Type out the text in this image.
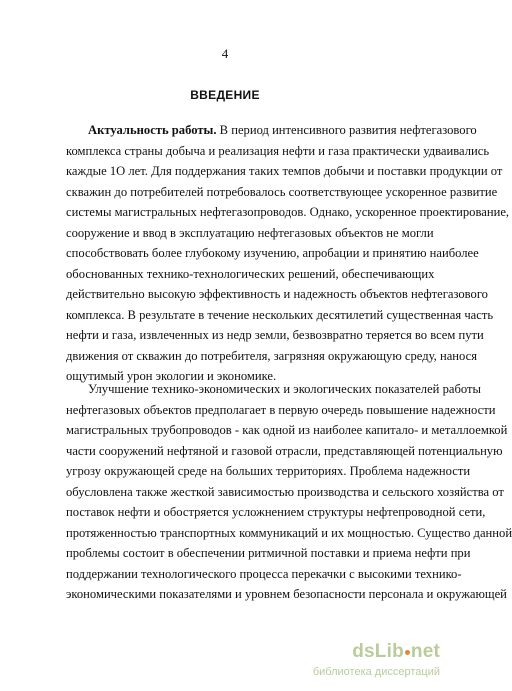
4
ВВЕДЕНИЕ
Актуальность работы. В период интенсивного развития нефтегазового
комплекса страны добыча и реализация нефти и газа практически удваивались
каждые 1О лет. Для поддержания таких темпов добычи и поставки продукции от
скважин до потребителей потребовалось соответствующее ускоренное развитие
системы магистральных нефтегазопроводов. Однако, ускоренное проектирование,
сооружение и ввод в эксплуатацию нефтегазовых объектов не могли
способствовать более глубокому изучению, апробации и принятию наиболее
обоснованных технико-технологических решений, обеспечивающих
действительно высокую эффективность и надежность объектов нефтегазового
комплекса. В результате в течение нескольких десятилетий существенная часть
нефти и газа, извлеченных из недр земли, безвозвратно теряется во всем пути
движения от скважин до потребителя, загрязняя окружающую среду, нанося
ощутимый урон экологии и экономике.
Улучшение технико-экономических и экологических показателей работы
нефтегазовых объектов предполагает в первую очередь повышение надежности
магистральных трубопроводов - как одной из наиболее капитало- и металлоемкой
части сооружений нефтяной и газовой отрасли, представляющей потенциальную
угрозу окружающей среде на больших территориях. Проблема надежности
обусловлена также жесткой зависимостью производства и сельского хозяйства от
поставок нефти и обостряется усложнением структуры нефтепроводной сети,
протяженностью транспортных коммуникаций и их мощностью. Существо данной
проблемы состоит в обеспечении ритмичной поставки и приема нефти при
поддержании технологического процесса перекачки с высокими технико-
экономическими показателями и уровнем безопасности персонала и окружающей
dsLib net
библиотека диссертаций
